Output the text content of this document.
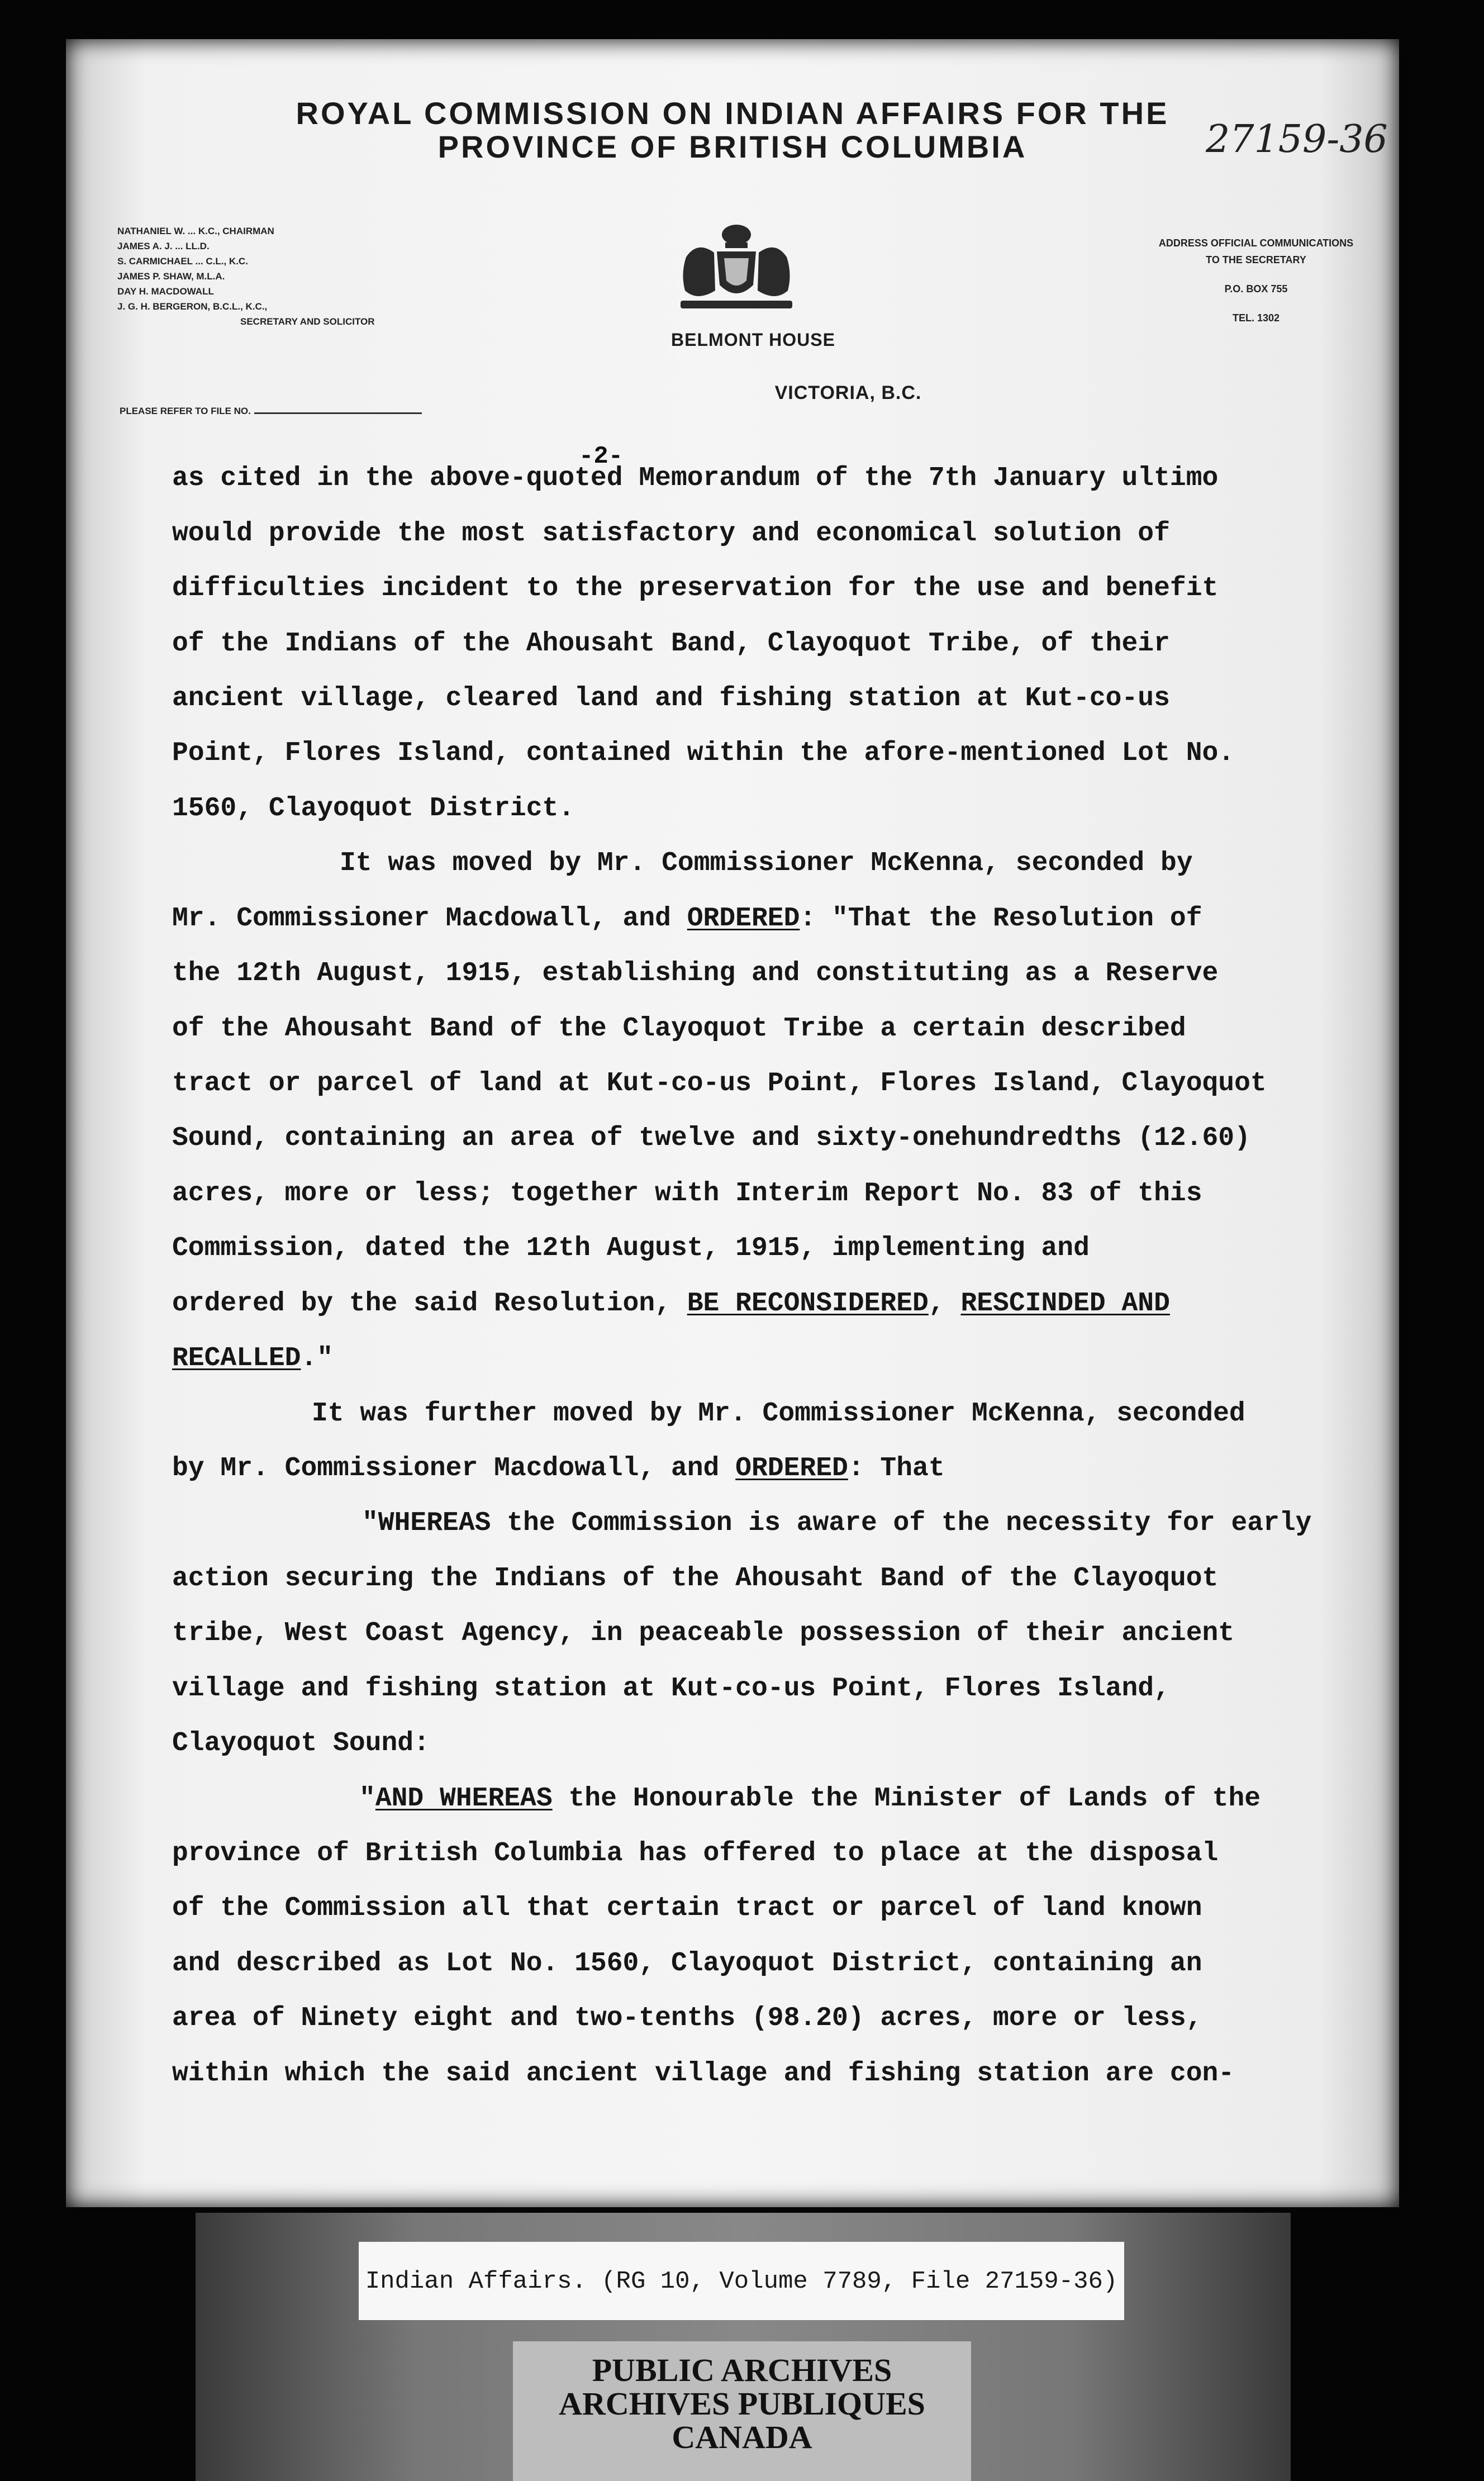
ROYAL COMMISSION ON INDIAN AFFAIRS FOR THE
PROVINCE OF BRITISH COLUMBIA	27159-36
NATHANIEL W. ... K.C., CHAIRMAN
JAMES A. J. ... LL.D.
S. CARMICHAEL ... C.L., K.C.
JAMES P. SHAW, M.L.A.
DAY H. MACDOWALL
J. G. H. BERGERON, B.C.L., K.C.,
SECRETARY AND SOLICITOR
BELMONT HOUSE
VICTORIA, B.C.
ADDRESS OFFICIAL COMMUNICATIONS
TO THE SECRETARY
P.O. BOX 755
TEL. 1302
PLEASE REFER TO FILE NO.
-2-
as cited in the above-quoted Memorandum of the 7th January ultimo
would provide the most satisfactory and economical solution of
difficulties incident to the preservation for the use and benefit
of the Indians of the Ahousaht Band, Clayoquot Tribe, of their
ancient village, cleared land and fishing station at Kut-co-us
Point, Flores Island, contained within the afore-mentioned Lot No.
1560, Clayoquot District.
It was moved by Mr. Commissioner McKenna, seconded by
Mr. Commissioner Macdowall, and ORDERED: "That the Resolution of
the 12th August, 1915, establishing and constituting as a Reserve
of the Ahousaht Band of the Clayoquot Tribe a certain described
tract or parcel of land at Kut-co-us Point, Flores Island, Clayoquot
Sound, containing an area of twelve and sixty-onehundredths (12.60)
acres, more or less; together with Interim Report No. 83 of this
Commission, dated the 12th August, 1915, implementing and
ordered by the said Resolution, BE RECONSIDERED, RESCINDED AND
RECALLED."
It was further moved by Mr. Commissioner McKenna, seconded
by Mr. Commissioner Macdowall, and ORDERED: That
"WHEREAS the Commission is aware of the necessity for early
action securing the Indians of the Ahousaht Band of the Clayoquot
tribe, West Coast Agency, in peaceable possession of their ancient
village and fishing station at Kut-co-us Point, Flores Island,
Clayoquot Sound:
"AND WHEREAS the Honourable the Minister of Lands of the
province of British Columbia has offered to place at the disposal
of the Commission all that certain tract or parcel of land known
and described as Lot No. 1560, Clayoquot District, containing an
area of Ninety eight and two-tenths (98.20) acres, more or less,
within which the said ancient village and fishing station are con-
Indian Affairs. (RG 10, Volume 7789, File 27159-36)
PUBLIC ARCHIVES
ARCHIVES PUBLIQUES
CANADA
